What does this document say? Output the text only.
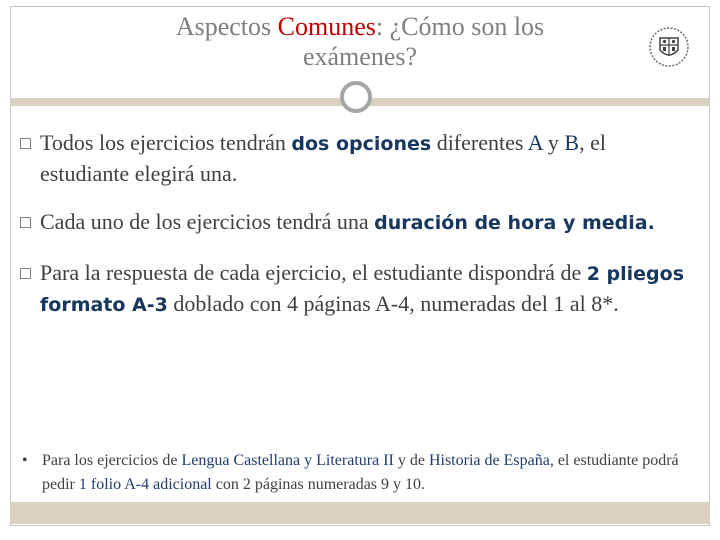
Aspectos Comunes: ¿Cómo son los
exámenes?
□ Todos los ejercicios tendrán dos opciones diferentes A y B, el estudiante elegirá una.
□ Cada uno de los ejercicios tendrá una duración de hora y media.
□ Para la respuesta de cada ejercicio, el estudiante dispondrá de 2 pliegos formato A-3 doblado con 4 páginas A-4, numeradas del 1 al 8*.
• Para los ejercicios de Lengua Castellana y Literatura II y de Historia de España, el estudiante podrá pedir 1 folio A-4 adicional con 2 páginas numeradas 9 y 10.
